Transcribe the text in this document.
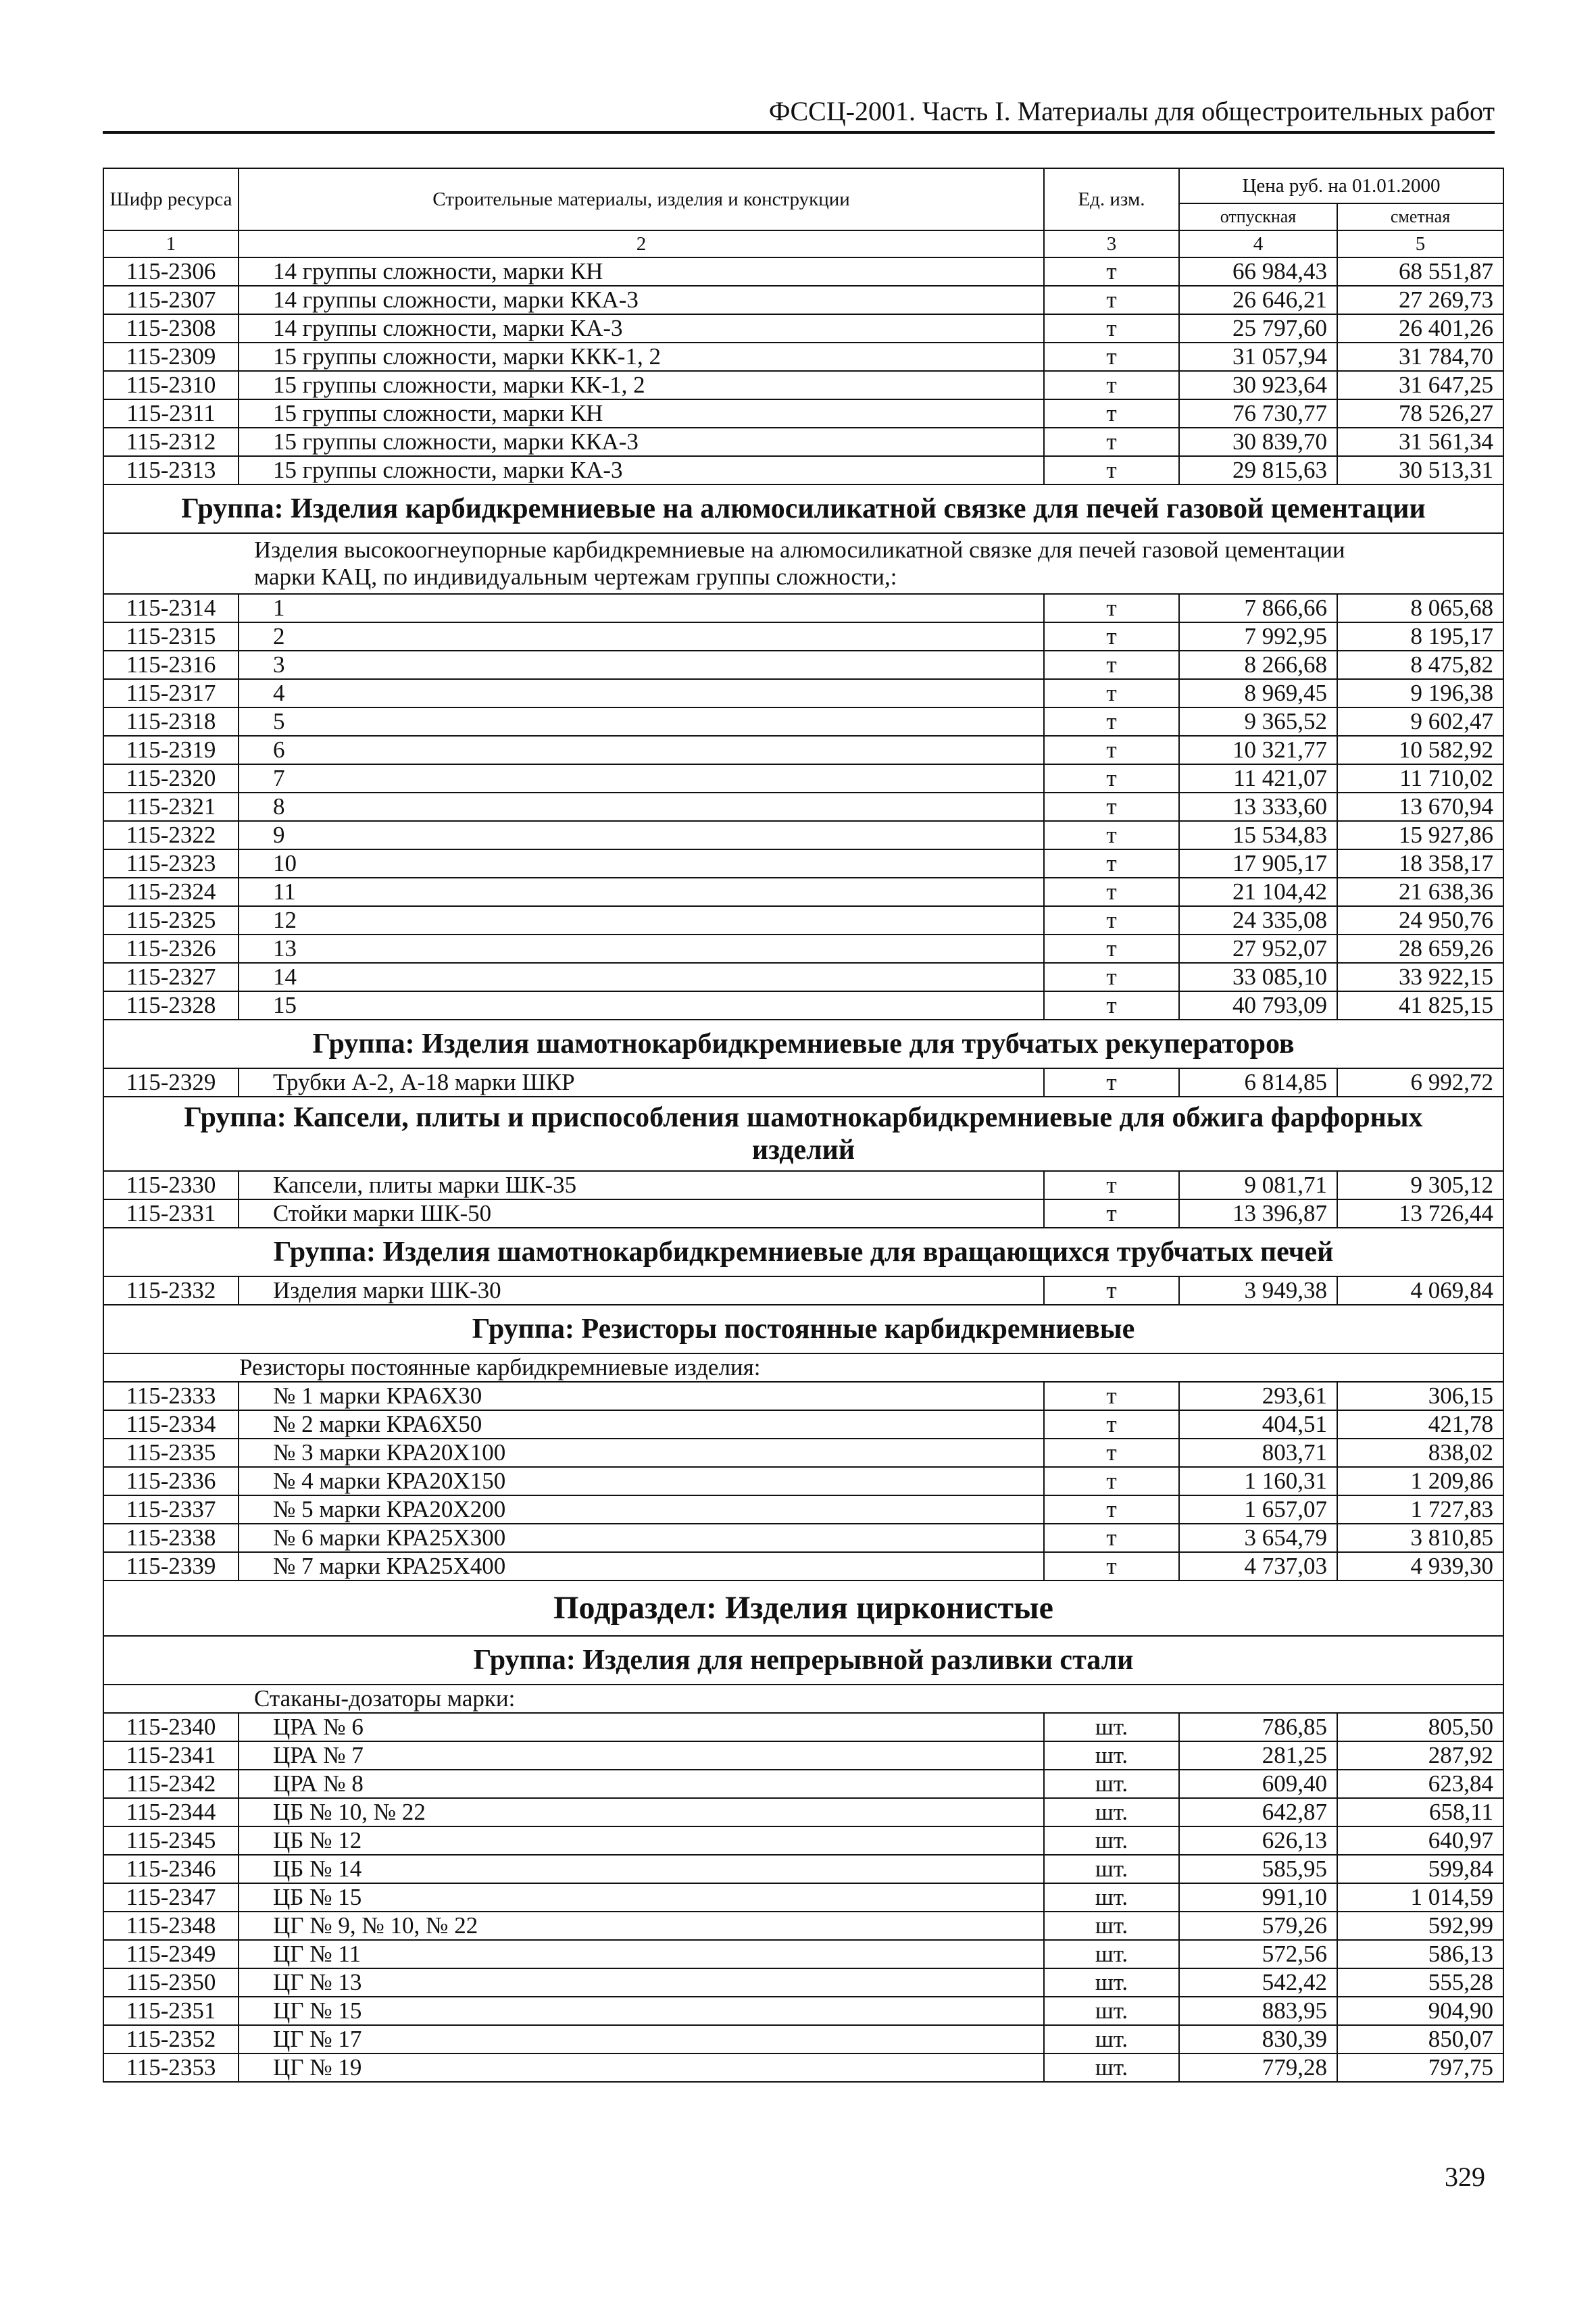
ФССЦ-2001. Часть I. Материалы для общестроительных работ
Шифр ресурса	Строительные материалы, изделия и конструкции	Ед. изм.	Цена руб. на 01.01.2000	
			отпускная	сметная
1	2	3	4	5
115-2306	14 группы сложности, марки КН	т	66 984,43	68 551,87
115-2307	14 группы сложности, марки ККА-3	т	26 646,21	27 269,73
115-2308	14 группы сложности, марки КА-3	т	25 797,60	26 401,26
115-2309	15 группы сложности, марки ККК-1, 2	т	31 057,94	31 784,70
115-2310	15 группы сложности, марки КК-1, 2	т	30 923,64	31 647,25
115-2311	15 группы сложности, марки КН	т	76 730,77	78 526,27
115-2312	15 группы сложности, марки ККА-3	т	30 839,70	31 561,34
115-2313	15 группы сложности, марки КА-3	т	29 815,63	30 513,31
Группа: Изделия карбидкремниевые на алюмосиликатной связке для печей газовой цементации				
Изделия высокоогнеупорные карбидкремниевые на алюмосиликатной связке для печей газовой цементации марки КАЦ, по индивидуальным чертежам группы сложности,:				
115-2314	1	т	7 866,66	8 065,68
115-2315	2	т	7 992,95	8 195,17
115-2316	3	т	8 266,68	8 475,82
115-2317	4	т	8 969,45	9 196,38
115-2318	5	т	9 365,52	9 602,47
115-2319	6	т	10 321,77	10 582,92
115-2320	7	т	11 421,07	11 710,02
115-2321	8	т	13 333,60	13 670,94
115-2322	9	т	15 534,83	15 927,86
115-2323	10	т	17 905,17	18 358,17
115-2324	11	т	21 104,42	21 638,36
115-2325	12	т	24 335,08	24 950,76
115-2326	13	т	27 952,07	28 659,26
115-2327	14	т	33 085,10	33 922,15
115-2328	15	т	40 793,09	41 825,15
Группа: Изделия шамотнокарбидкремниевые для трубчатых рекуператоров				
115-2329	Трубки А-2, А-18 марки ШКР	т	6 814,85	6 992,72
Группа: Капсели, плиты и приспособления шамотнокарбидкремниевые для обжига фарфорных изделий				
115-2330	Капсели, плиты марки ШК-35	т	9 081,71	9 305,12
115-2331	Стойки марки ШК-50	т	13 396,87	13 726,44
Группа: Изделия шамотнокарбидкремниевые для вращающихся трубчатых печей				
115-2332	Изделия марки ШК-30	т	3 949,38	4 069,84
Группа: Резисторы постоянные карбидкремниевые				
Резисторы постоянные карбидкремниевые изделия:				
115-2333	№ 1 марки КРА6Х30	т	293,61	306,15
115-2334	№ 2 марки КРА6Х50	т	404,51	421,78
115-2335	№ 3 марки КРА20Х100	т	803,71	838,02
115-2336	№ 4 марки КРА20Х150	т	1 160,31	1 209,86
115-2337	№ 5 марки КРА20Х200	т	1 657,07	1 727,83
115-2338	№ 6 марки КРА25Х300	т	3 654,79	3 810,85
115-2339	№ 7 марки КРА25Х400	т	4 737,03	4 939,30
Подраздел: Изделия цирконистые				
Группа: Изделия для непрерывной разливки стали				
Стаканы-дозаторы марки:				
115-2340	ЦРА № 6	шт.	786,85	805,50
115-2341	ЦРА № 7	шт.	281,25	287,92
115-2342	ЦРА № 8	шт.	609,40	623,84
115-2344	ЦБ № 10, № 22	шт.	642,87	658,11
115-2345	ЦБ № 12	шт.	626,13	640,97
115-2346	ЦБ № 14	шт.	585,95	599,84
115-2347	ЦБ № 15	шт.	991,10	1 014,59
115-2348	ЦГ № 9, № 10, № 22	шт.	579,26	592,99
115-2349	ЦГ № 11	шт.	572,56	586,13
115-2350	ЦГ № 13	шт.	542,42	555,28
115-2351	ЦГ № 15	шт.	883,95	904,90
115-2352	ЦГ № 17	шт.	830,39	850,07
115-2353	ЦГ № 19	шт.	779,28	797,75
329
